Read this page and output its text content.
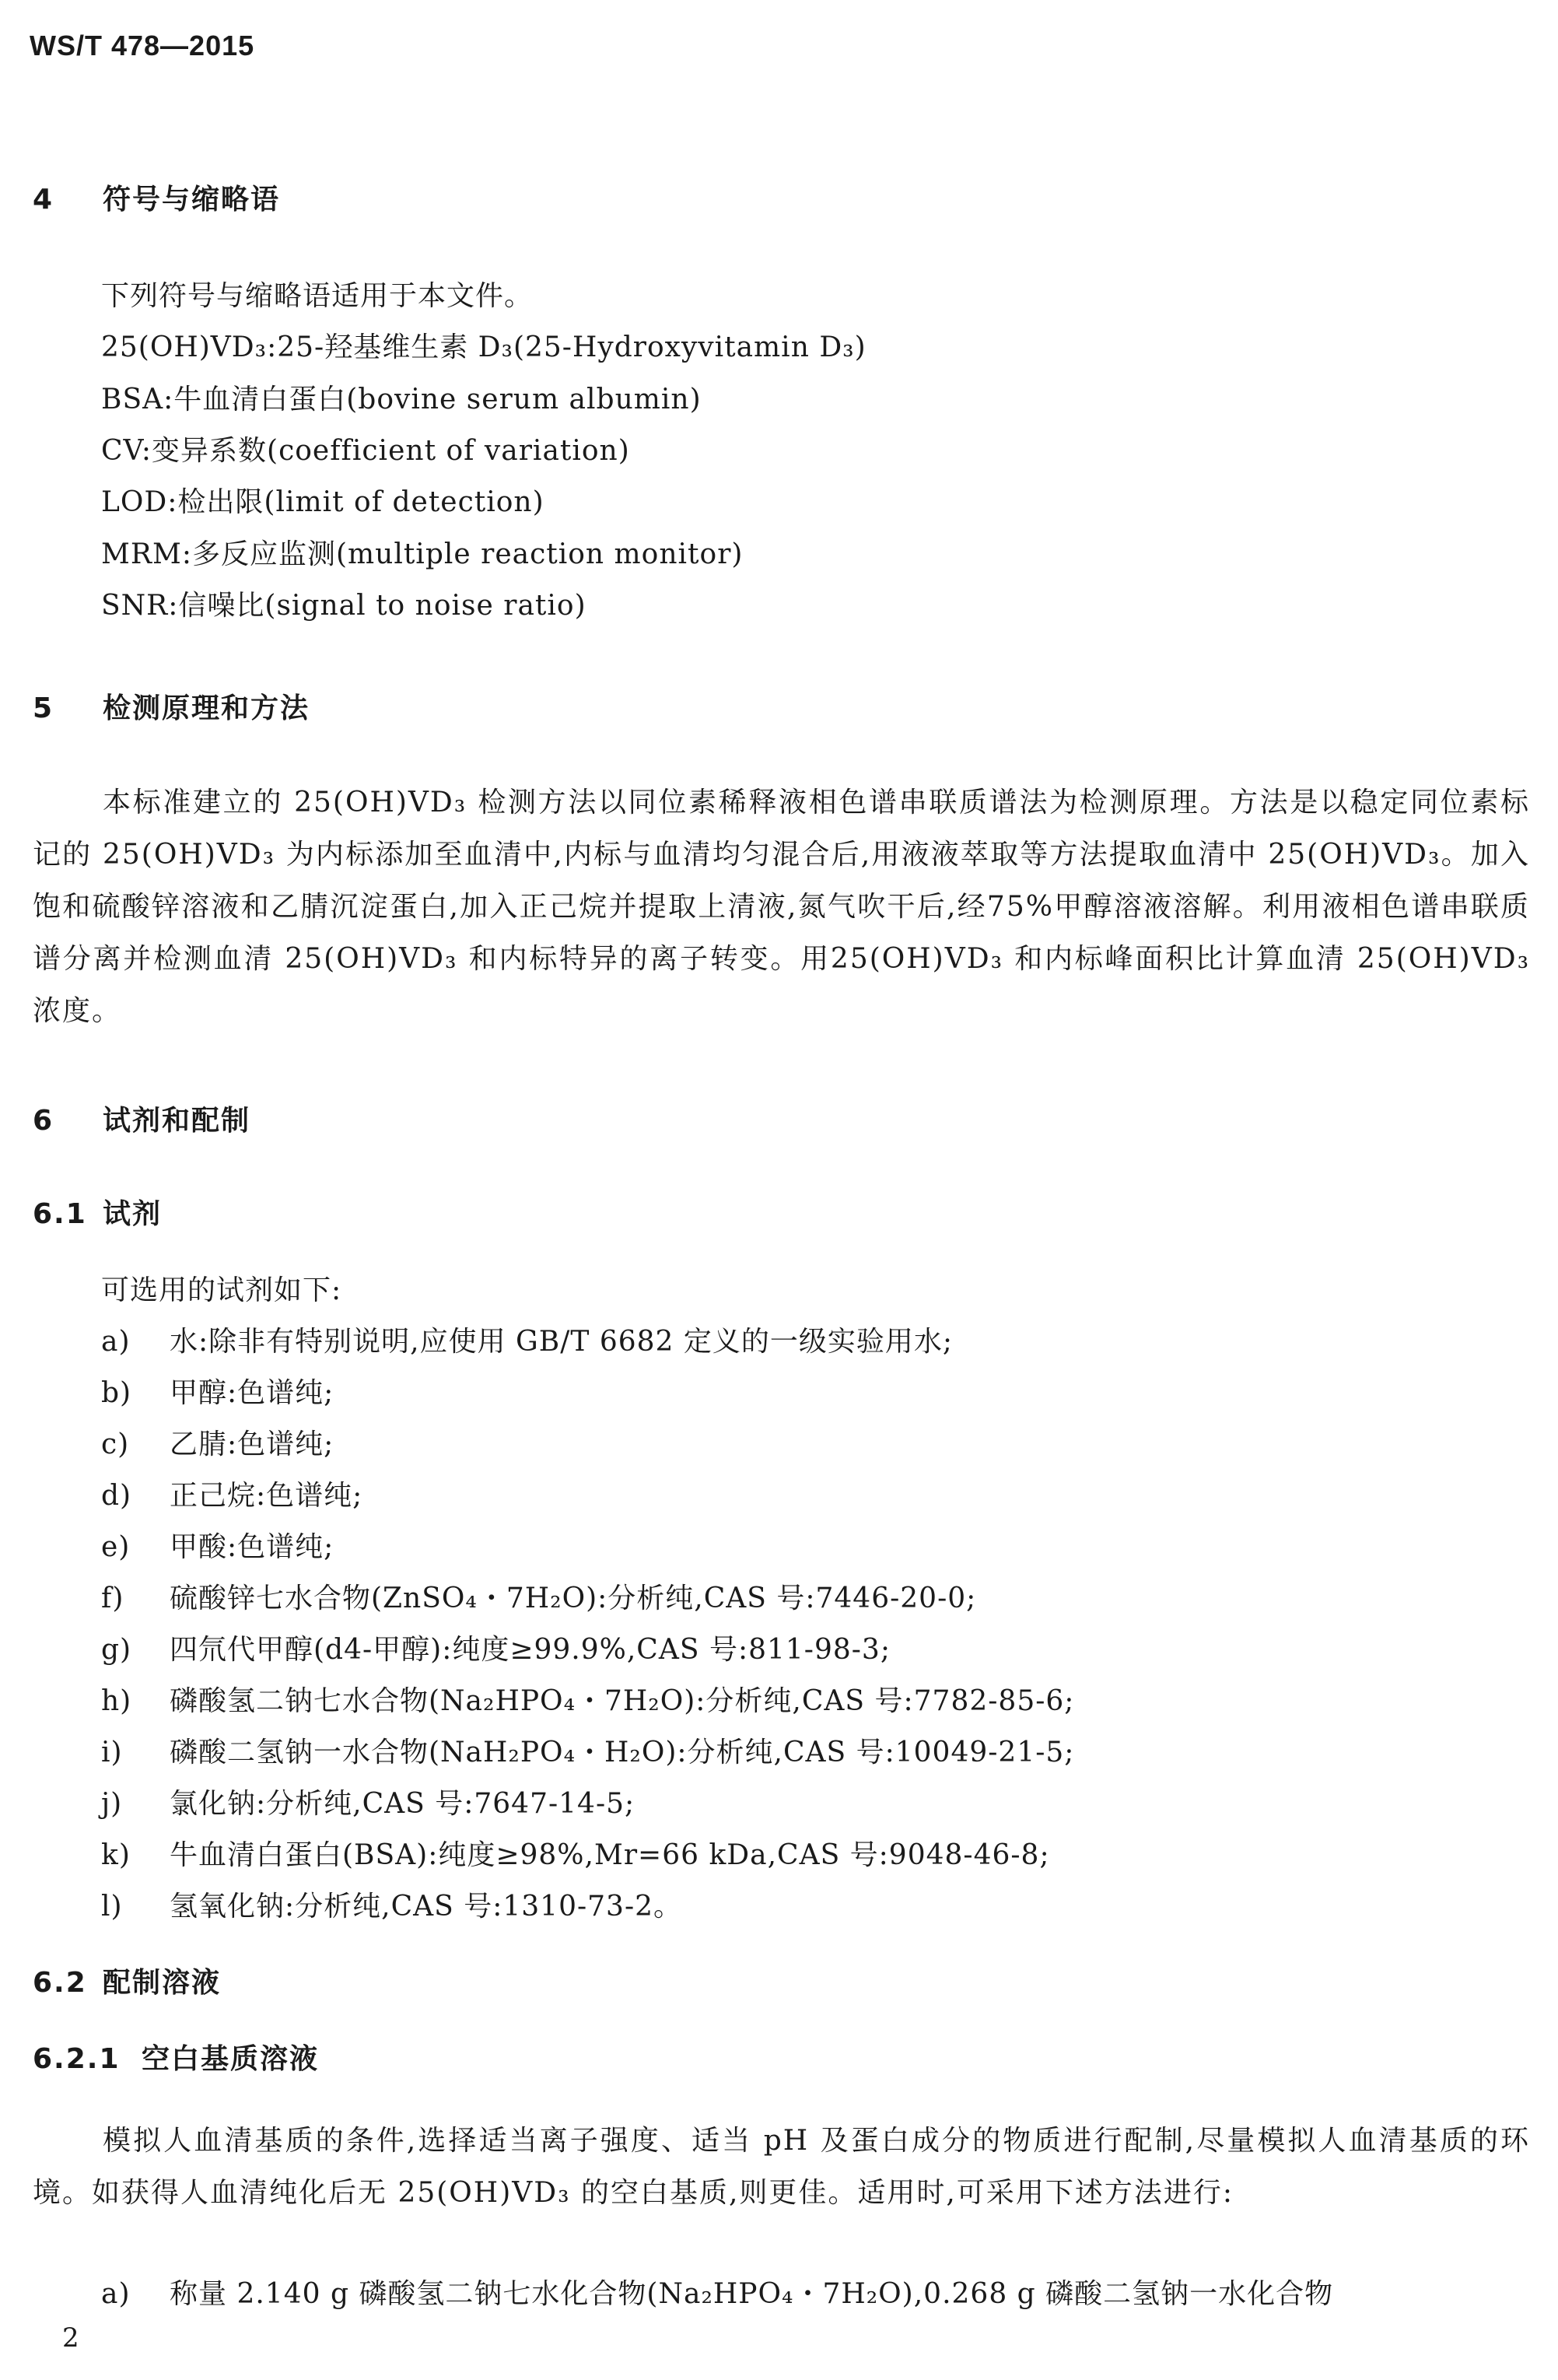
WS/T 478—2015
4 符号与缩略语
下列符号与缩略语适用于本文件。
25(OH)VD₃:25-羟基维生素 D₃(25-Hydroxyvitamin D₃)
BSA:牛血清白蛋白(bovine serum albumin)
CV:变异系数(coefficient of variation)
LOD:检出限(limit of detection)
MRM:多反应监测(multiple reaction monitor)
SNR:信噪比(signal to noise ratio)
5 检测原理和方法
本标准建立的 25(OH)VD₃ 检测方法以同位素稀释液相色谱串联质谱法为检测原理。方法是以稳定同位素标记的 25(OH)VD₃ 为内标添加至血清中,内标与血清均匀混合后,用液液萃取等方法提取血清中 25(OH)VD₃。加入饱和硫酸锌溶液和乙腈沉淀蛋白,加入正己烷并提取上清液,氮气吹干后,经75%甲醇溶液溶解。利用液相色谱串联质谱分离并检测血清 25(OH)VD₃ 和内标特异的离子转变。用25(OH)VD₃ 和内标峰面积比计算血清 25(OH)VD₃ 浓度。
6 试剂和配制
6.1 试剂
可选用的试剂如下:
a) 水:除非有特别说明,应使用 GB/T 6682 定义的一级实验用水;
b) 甲醇:色谱纯;
c) 乙腈:色谱纯;
d) 正己烷:色谱纯;
e) 甲酸:色谱纯;
f) 硫酸锌七水合物(ZnSO₄・7H₂O):分析纯,CAS 号:7446-20-0;
g) 四氘代甲醇(d4-甲醇):纯度≥99.9%,CAS 号:811-98-3;
h) 磷酸氢二钠七水合物(Na₂HPO₄・7H₂O):分析纯,CAS 号:7782-85-6;
i) 磷酸二氢钠一水合物(NaH₂PO₄・H₂O):分析纯,CAS 号:10049-21-5;
j) 氯化钠:分析纯,CAS 号:7647-14-5;
k) 牛血清白蛋白(BSA):纯度≥98%,Mr=66 kDa,CAS 号:9048-46-8;
l) 氢氧化钠:分析纯,CAS 号:1310-73-2。
6.2 配制溶液
6.2.1 空白基质溶液
模拟人血清基质的条件,选择适当离子强度、适当 pH 及蛋白成分的物质进行配制,尽量模拟人血清基质的环境。如获得人血清纯化后无 25(OH)VD₃ 的空白基质,则更佳。适用时,可采用下述方法进行:
a) 称量 2.140 g 磷酸氢二钠七水化合物(Na₂HPO₄・7H₂O),0.268 g 磷酸二氢钠一水化合物
2
